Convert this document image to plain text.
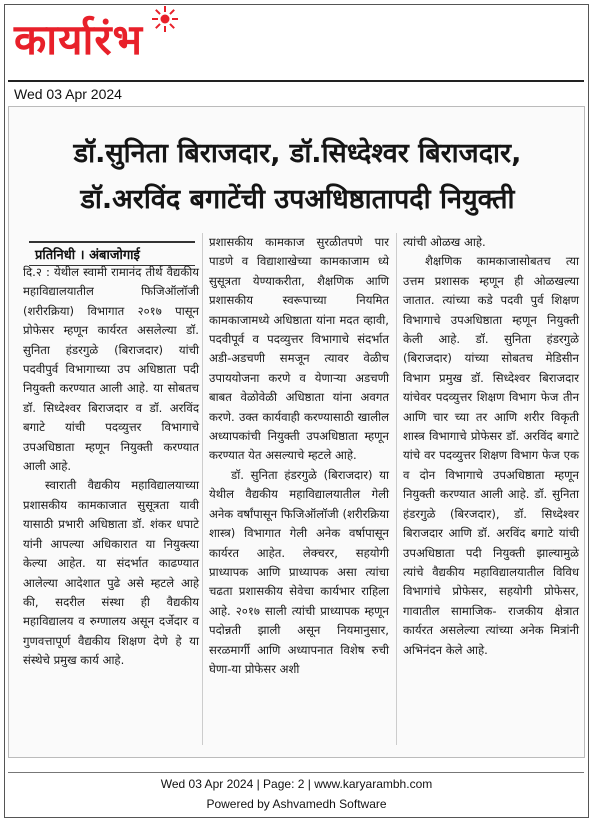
कार्यारंभ
Wed 03 Apr 2024
डॉ.सुनिता बिराजदार, डॉ.सिध्देश्वर बिराजदार,
डॉ.अरविंद बगाटेंची उपअधिष्ठातापदी नियुक्ती
प्रतिनिधी । अंबाजोगाई

दि.२ : येथील स्वामी रामानंद तीर्थ वैद्यकीय महाविद्यालयातील फिजिऑलॉजी (शरीरक्रिया) विभागात २०१७ पासून प्रोफेसर म्हणून कार्यरत असलेल्या डॉ. सुनिता हंडरगुळे (बिराजदार) यांची पदवीपुर्व विभागाच्या उप अधिष्ठाता पदी नियुक्ती करण्यात आली आहे. या सोबतच डॉ. सिध्देश्वर बिराजदार व डॉ. अरविंद बगाटे यांची पदव्युत्तर विभागाचे उपअधिष्ठाता म्हणून नियुक्ती करण्यात आली आहे.

स्वाराती वैद्यकीय महाविद्यालयाच्या प्रशासकीय कामकाजात सुसूत्रता यावी यासाठी प्रभारी अधिष्ठाता डॉ. शंकर धपाटे यांनी आपल्या अधिकारात या नियुक्त्या केल्या आहेत. या संदर्भात काढण्यात आलेल्या आदेशात पुढे असे म्हटले आहे की, सदरील संस्था ही वैद्यकीय महाविद्यालय व रुग्णालय असून दर्जेदार व गुणवत्तापूर्ण वैद्यकीय शिक्षण देणे हे या संस्थेचे प्रमुख कार्य आहे.

प्रशासकीय कामकाज सुरळीतपणे पार पाडणे व विद्याशाखेच्या कामकाजाम ध्ये सुसूत्रता येण्याकरीता, शैक्षणिक आणि प्रशासकीय स्वरूपाच्या नियमित कामकाजामध्ये अधिष्ठाता यांना मदत व्हावी, पदवीपूर्व व पदव्युत्तर विभागाचे संदर्भात अडी-अडचणी समजून त्यावर वेळीच उपाययोजना करणे व येणाऱ्या अडचणी बाबत वेळोवेळी अधिष्ठाता यांना अवगत करणे. उक्त कार्यवाही करण्यासाठी खालील अध्यापकांची नियुक्ती उपअधिष्ठाता म्हणून करण्यात येत असल्याचे म्हटले आहे.

डॉ. सुनिता हंडरगुळे (बिराजदार) या येथील वैद्यकीय महाविद्यालयातील गेली अनेक वर्षांपासून फिजिऑलॉजी (शरीरक्रिया शास्त्र) विभागात गेली अनेक वर्षापासून कार्यरत आहेत. लेक्चरर, सहयोगी प्राध्यापक आणि प्राध्यापक असा त्यांचा चढता प्रशासकीय सेवेचा कार्यभार राहिला आहे. २०१७ साली त्यांची प्राध्यापक म्हणून पदोन्नती झाली असून नियमानुसार, सरळमार्गी आणि अध्यापनात विशेष रुची घेणा-या प्रोफेसर अशी

त्यांची ओळख आहे.

शैक्षणिक कामकाजासोबतच त्या उत्तम प्रशासक म्हणून ही ओळखल्या जातात. त्यांच्या कडे पदवी पुर्व शिक्षण विभागाचे उपअधिष्ठाता म्हणून नियुक्ती केली आहे. डॉ. सुनिता हंडरगुळे (बिराजदार) यांच्या सोबतच मेडिसीन विभाग प्रमुख डॉ. सिध्देश्वर बिराजदार यांचेवर पदव्युत्तर शिक्षण विभाग फेज तीन आणि चार च्या तर आणि शरीर विकृती शास्त्र विभागाचे प्रोफेसर डॉ. अरविंद बगाटे यांचे वर पदव्युत्तर शिक्षण विभाग फेज एक व दोन विभागाचे उपअधिष्ठाता म्हणून नियुक्ती करण्यात आली आहे. डॉ. सुनिता हंडरगुळे (बिरजदार), डॉ. सिध्देश्वर बिराजदार आणि डॉ. अरविंद बगाटे यांची उपअधिष्ठाता पदी नियुक्ती झाल्यामुळे त्यांचे वैद्यकीय महाविद्यालयातील विविध विभागांचे प्रोफेसर, सहयोगी प्रोफेसर, गावातील सामाजिक- राजकीय क्षेत्रात कार्यरत असलेल्या त्यांच्या अनेक मित्रांनी अभिनंदन केले आहे.

Wed 03 Apr 2024 | Page: 2 | www.karyarambh.com
Powered by Ashvamedh Software
